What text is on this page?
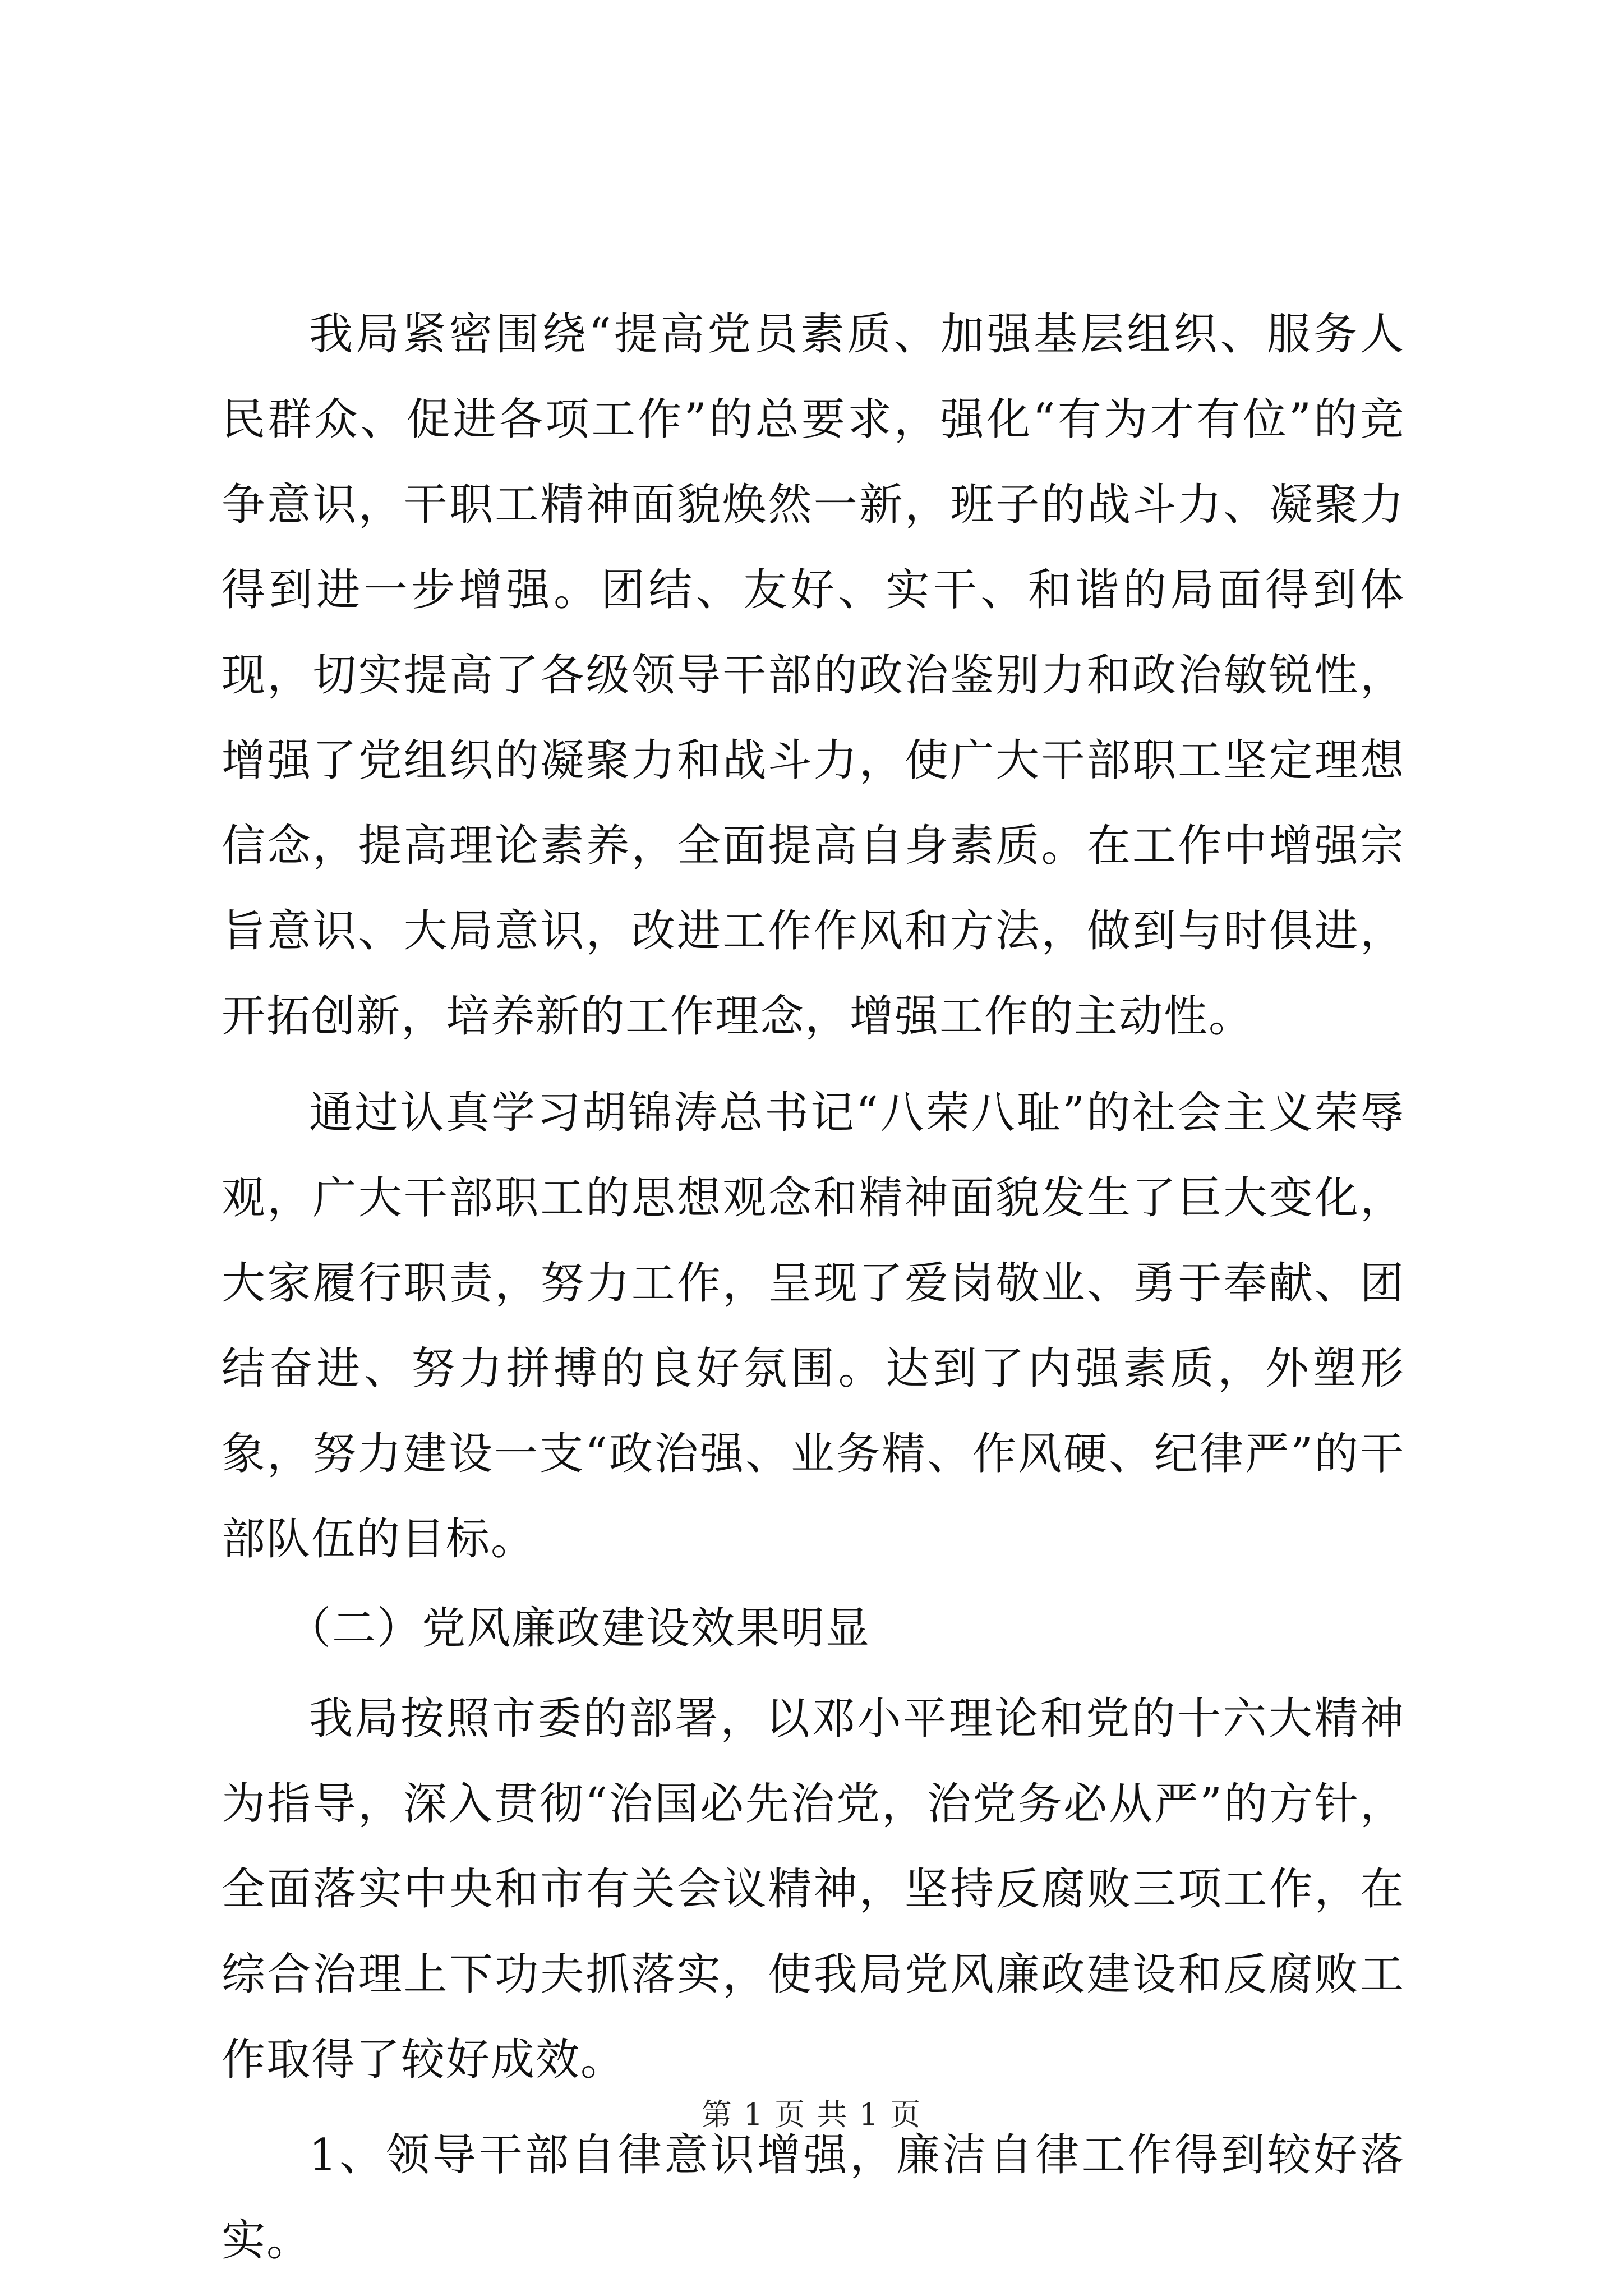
我局紧密围绕“提高党员素质、加强基层组织、服务人民群众、促进各项工作”的总要求，强化“有为才有位”的竞争意识，干职工精神面貌焕然一新，班子的战斗力、凝聚力得到进一步增强。团结、友好、实干、和谐的局面得到体现，切实提高了各级领导干部的政治鉴别力和政治敏锐性，增强了党组织的凝聚力和战斗力，使广大干部职工坚定理想信念，提高理论素养，全面提高自身素质。在工作中增强宗旨意识、大局意识，改进工作作风和方法，做到与时俱进，开拓创新，培养新的工作理念，增强工作的主动性。

通过认真学习胡锦涛总书记“八荣八耻”的社会主义荣辱观，广大干部职工的思想观念和精神面貌发生了巨大变化，大家履行职责，努力工作，呈现了爱岗敬业、勇于奉献、团结奋进、努力拼搏的良好氛围。达到了内强素质，外塑形象，努力建设一支“政治强、业务精、作风硬、纪律严”的干部队伍的目标。

（二）党风廉政建设效果明显

我局按照市委的部署，以邓小平理论和党的十六大精神为指导，深入贯彻“治国必先治党，治党务必从严”的方针，全面落实中央和市有关会议精神，坚持反腐败三项工作，在综合治理上下功夫抓落实，使我局党风廉政建设和反腐败工作取得了较好成效。

1、领导干部自律意识增强，廉洁自律工作得到较好落实。

第 1 页 共 1 页
